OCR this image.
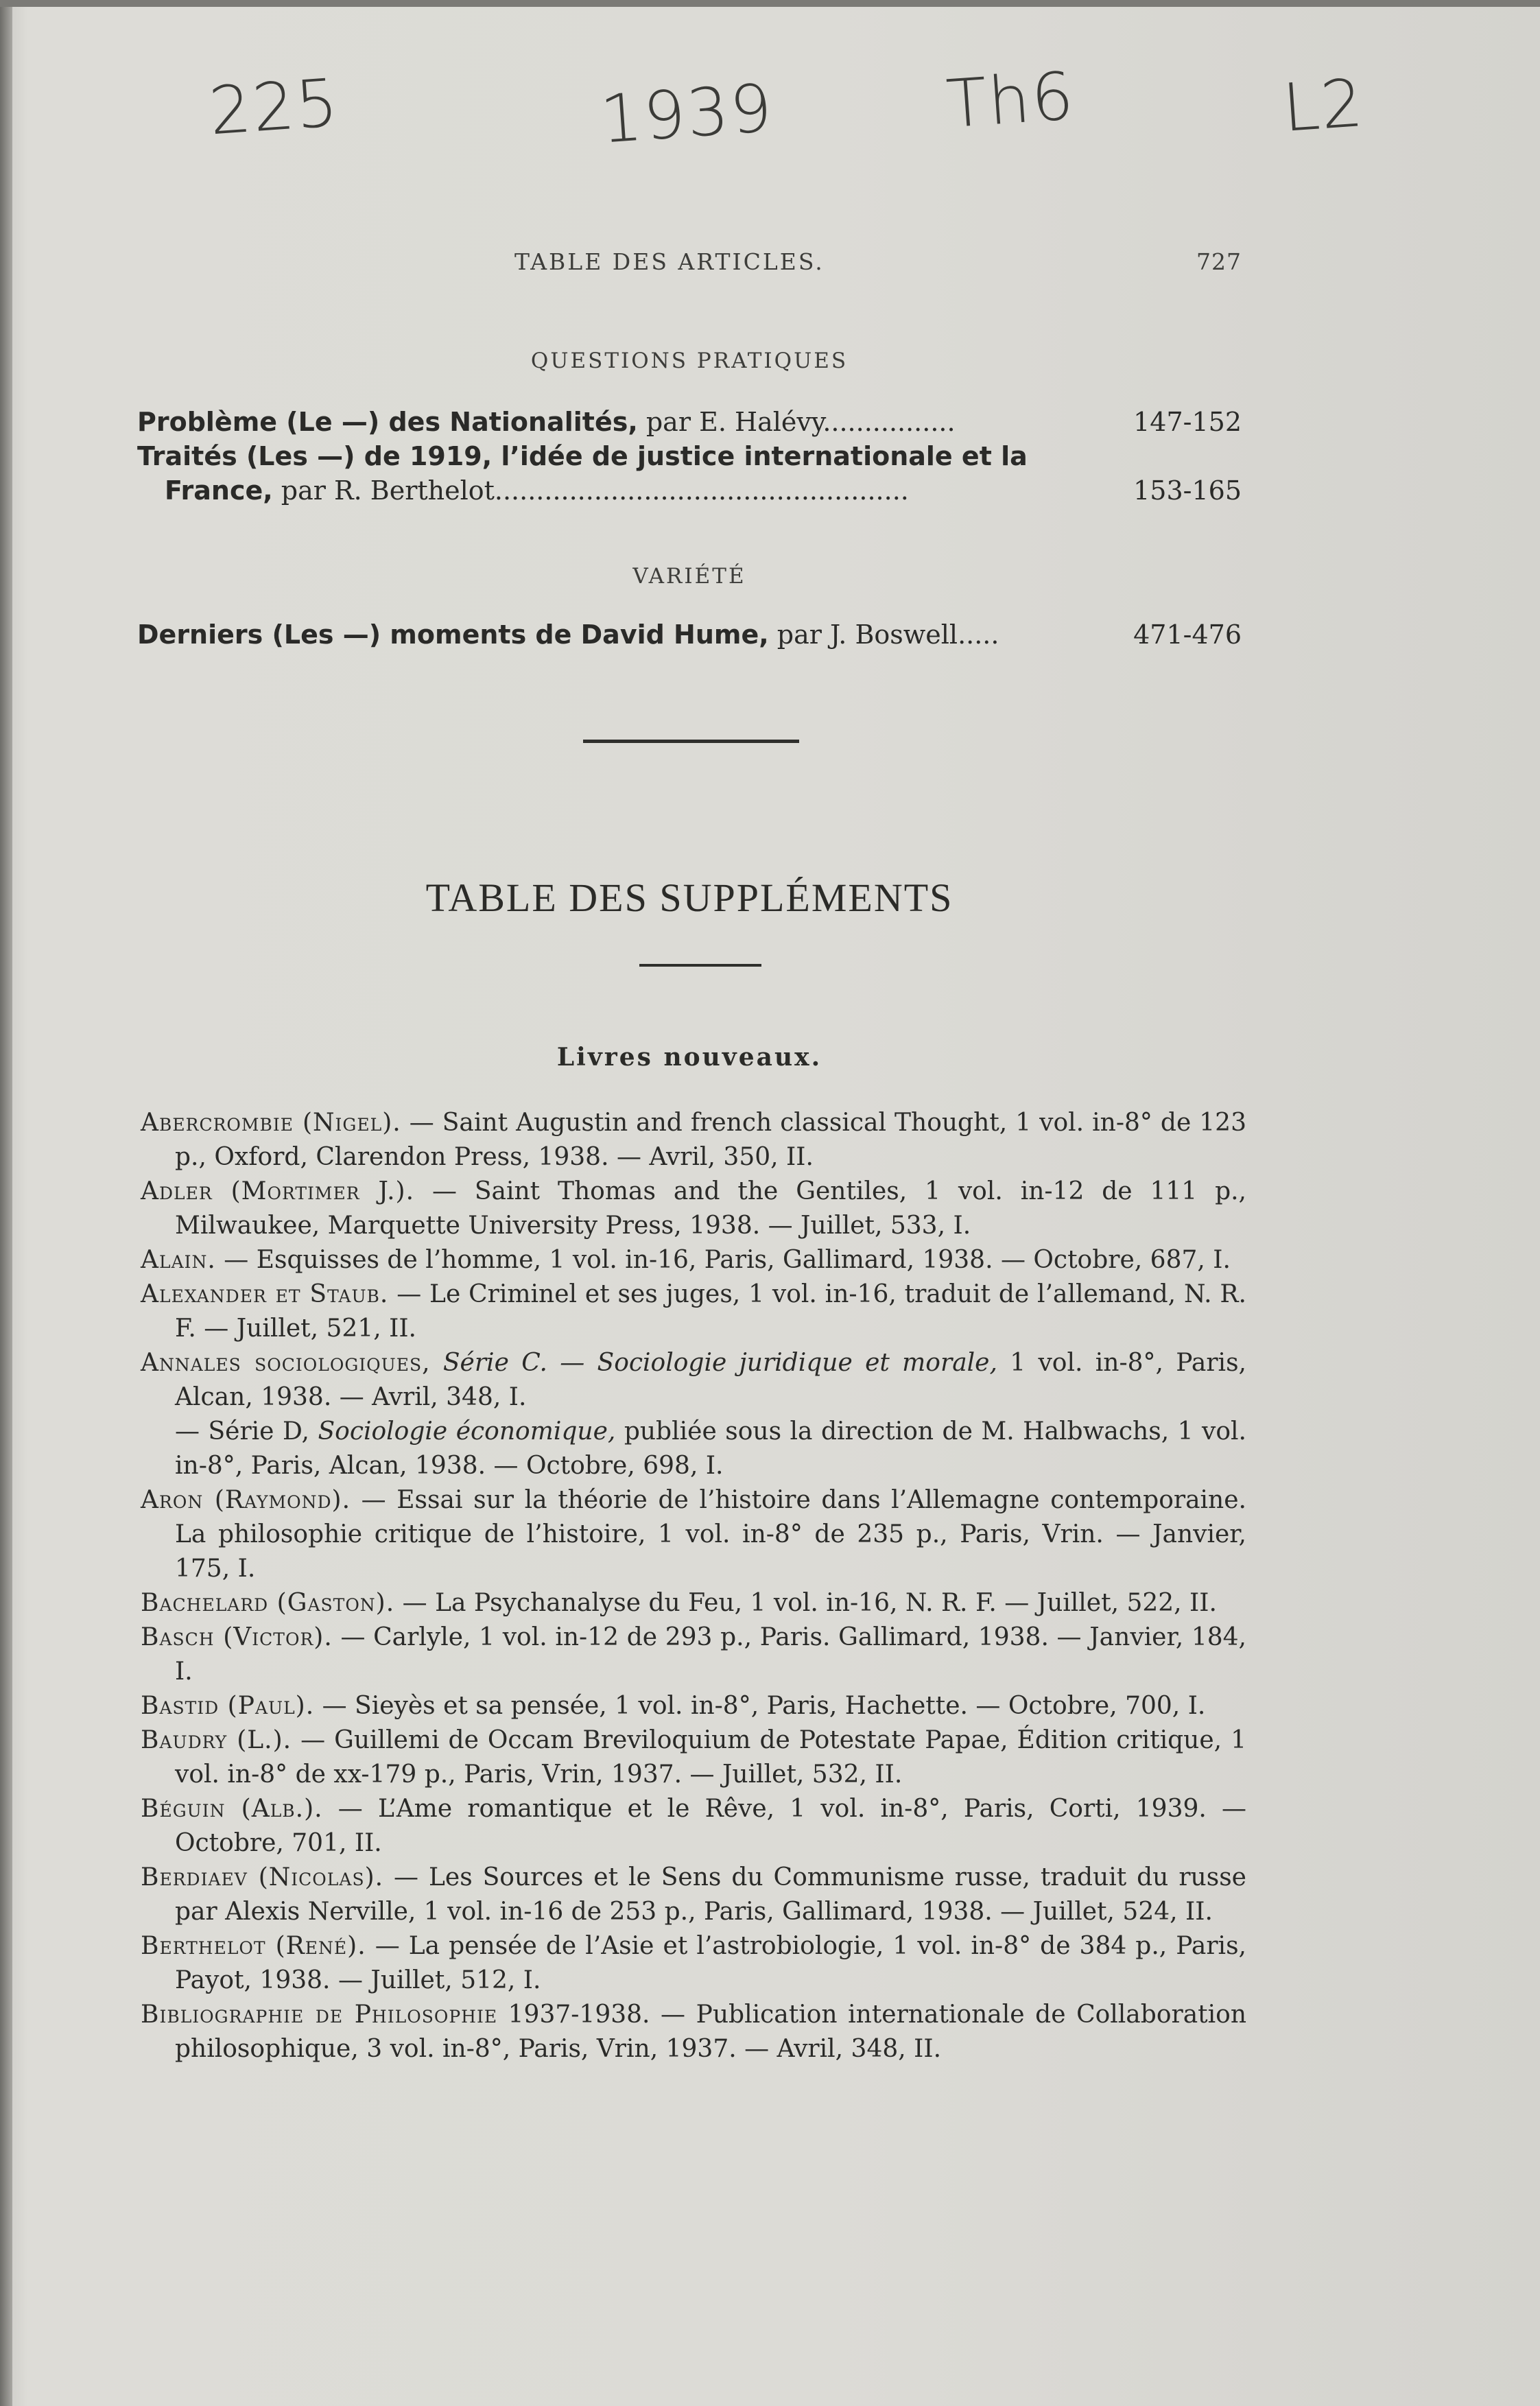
225	1939	Th6	L2
TABLE DES ARTICLES.	727
QUESTIONS PRATIQUES
Problème (Le —) des Nationalités, par E. Halévy................	147-152
Traités (Les —) de 1919, l’idée de justice internationale et la
France, par R. Berthelot..................................................	153-165
VARIÉTÉ
Derniers (Les —) moments de David Hume, par J. Boswell.....	471-476
TABLE DES SUPPLÉMENTS
Livres nouveaux.

Abercrombie (Nigel). — Saint Augustin and french classical Thought, 1 vol. in-8° de 123 p., Oxford, Clarendon Press, 1938. — Avril, 350, II.

Adler (Mortimer J.). — Saint Thomas and the Gentiles, 1 vol. in-12 de 111 p., Milwaukee, Marquette University Press, 1938. — Juillet, 533, I.

Alain. — Esquisses de l’homme, 1 vol. in-16, Paris, Gallimard, 1938. — Octobre, 687, I.

Alexander et Staub. — Le Criminel et ses juges, 1 vol. in-16, traduit de l’allemand, N. R. F. — Juillet, 521, II.

Annales sociologiques, Série C. — Sociologie juridique et morale, 1 vol. in-8°, Paris, Alcan, 1938. — Avril, 348, I.

— Série D, Sociologie économique, publiée sous la direction de M. Halbwachs, 1 vol. in-8°, Paris, Alcan, 1938. — Octobre, 698, I.

Aron (Raymond). — Essai sur la théorie de l’histoire dans l’Allemagne contemporaine. La philosophie critique de l’histoire, 1 vol. in-8° de 235 p., Paris, Vrin. — Janvier, 175, I.

Bachelard (Gaston). — La Psychanalyse du Feu, 1 vol. in-16, N. R. F. — Juillet, 522, II.

Basch (Victor). — Carlyle, 1 vol. in-12 de 293 p., Paris. Gallimard, 1938. — Janvier, 184, I.

Bastid (Paul). — Sieyès et sa pensée, 1 vol. in-8°, Paris, Hachette. — Octobre, 700, I.

Baudry (L.). — Guillemi de Occam Breviloquium de Potestate Papae, Édition critique, 1 vol. in-8° de xx-179 p., Paris, Vrin, 1937. — Juillet, 532, II.

Béguin (Alb.). — L’Ame romantique et le Rêve, 1 vol. in-8°, Paris, Corti, 1939. — Octobre, 701, II.

Berdiaev (Nicolas). — Les Sources et le Sens du Communisme russe, traduit du russe par Alexis Nerville, 1 vol. in-16 de 253 p., Paris, Gallimard, 1938. — Juillet, 524, II.

Berthelot (René). — La pensée de l’Asie et l’astrobiologie, 1 vol. in-8° de 384 p., Paris, Payot, 1938. — Juillet, 512, I.

Bibliographie de Philosophie 1937-1938. — Publication internationale de Collaboration philosophique, 3 vol. in-8°, Paris, Vrin, 1937. — Avril, 348, II.
